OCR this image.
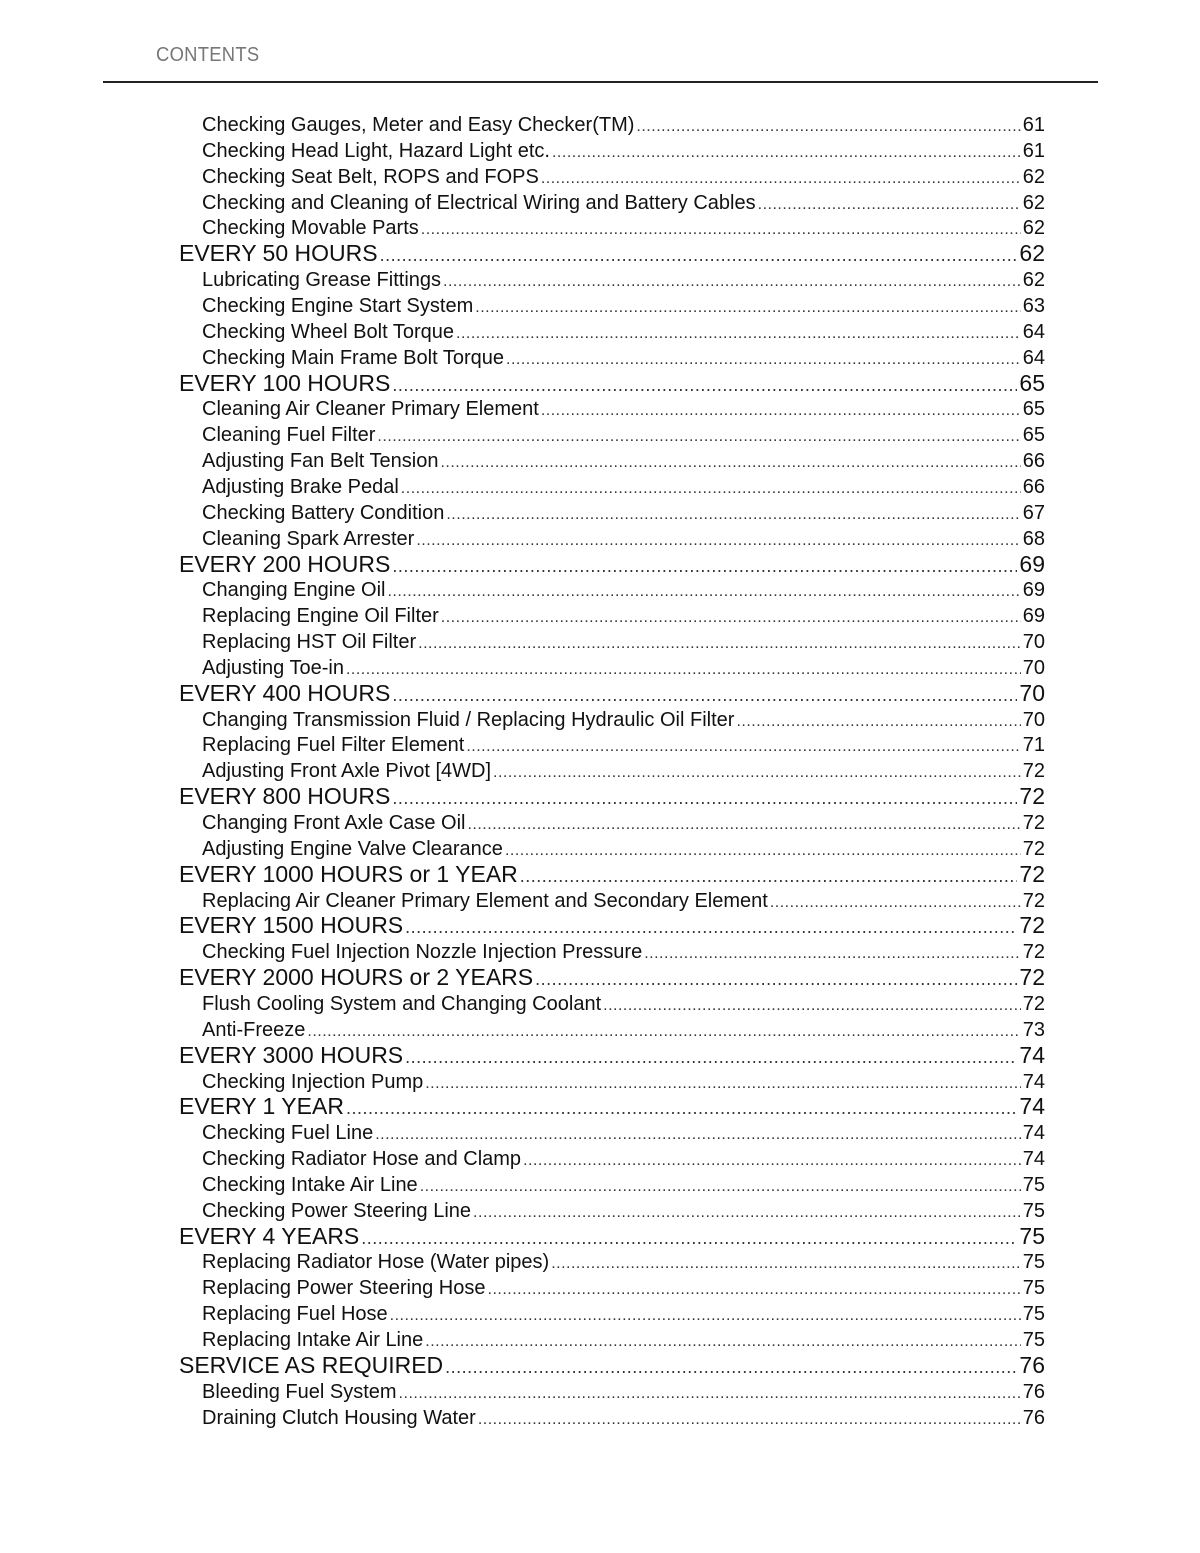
CONTENTS
Checking Gauges, Meter and Easy Checker(TM) .....	61
Checking Head Light, Hazard Light etc. .....	61
Checking Seat Belt, ROPS and FOPS .....	62
Checking and Cleaning of Electrical Wiring and Battery Cables .....	62
Checking Movable Parts .....	62
EVERY 50 HOURS .....	62
Lubricating Grease Fittings .....	62
Checking Engine Start System .....	63
Checking Wheel Bolt Torque .....	64
Checking Main Frame Bolt Torque .....	64
EVERY 100 HOURS .....	65
Cleaning Air Cleaner Primary Element .....	65
Cleaning Fuel Filter .....	65
Adjusting Fan Belt Tension .....	66
Adjusting Brake Pedal .....	66
Checking Battery Condition .....	67
Cleaning Spark Arrester .....	68
EVERY 200 HOURS .....	69
Changing Engine Oil .....	69
Replacing Engine Oil Filter .....	69
Replacing HST Oil Filter .....	70
Adjusting Toe-in .....	70
EVERY 400 HOURS .....	70
Changing Transmission Fluid / Replacing Hydraulic Oil Filter .....	70
Replacing Fuel Filter Element .....	71
Adjusting Front Axle Pivot [4WD] .....	72
EVERY 800 HOURS .....	72
Changing Front Axle Case Oil .....	72
Adjusting Engine Valve Clearance .....	72
EVERY 1000 HOURS or 1 YEAR .....	72
Replacing Air Cleaner Primary Element and Secondary Element .....	72
EVERY 1500 HOURS .....	72
Checking Fuel Injection Nozzle Injection Pressure .....	72
EVERY 2000 HOURS or 2 YEARS .....	72
Flush Cooling System and Changing Coolant .....	72
Anti-Freeze .....	73
EVERY 3000 HOURS .....	74
Checking Injection Pump .....	74
EVERY 1 YEAR .....	74
Checking Fuel Line .....	74
Checking Radiator Hose and Clamp .....	74
Checking Intake Air Line .....	75
Checking Power Steering Line .....	75
EVERY 4 YEARS .....	75
Replacing Radiator Hose (Water pipes) .....	75
Replacing Power Steering Hose .....	75
Replacing Fuel Hose .....	75
Replacing Intake Air Line .....	75
SERVICE AS REQUIRED .....	76
Bleeding Fuel System .....	76
Draining Clutch Housing Water .....	76
